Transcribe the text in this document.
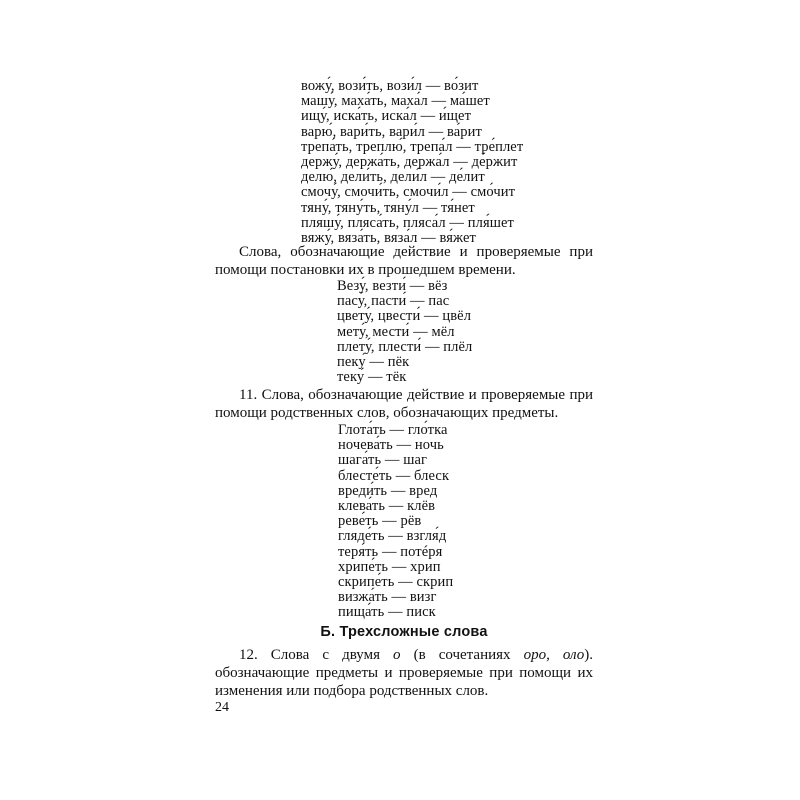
вожу́, вози́ть, вози́л — во́зит
машу́, маха́ть, маха́л — ма́шет
ищу́, иска́ть, иска́л — и́щет
варю́, вари́ть, вари́л — ва́рит
трепа́ть, треплю́, трепа́л — тре́плет
держу́, держа́ть, держа́л — де́ржит
делю́, дели́ть, дели́л — де́лит
смочу́, смочи́ть, смочи́л — смо́чит
тяну́, тяну́ть, тяну́л — тя́нет
пляшу́, пляса́ть, пляса́л — пля́шет
вяжу́, вяза́ть, вяза́л — вя́жет

Слова, обозначающие действие и проверяемые при помощи постановки их в прошедшем времени.

Везу́, везти́ — вёз
пасу́, пасти́ — пас
цвету́, цвести́ — цвёл
мету́, мести́ — мёл
плету́, плести́ — плёл
пеку́ — пёк
теку́ — тёк

11. Слова, обозначающие действие и проверяемые при помощи родственных слов, обозначающих предметы.

Глота́ть — гло́тка
ночева́ть — ночь
шага́ть — шаг
блесте́ть — блеск
вреди́ть — вред
клева́ть — клёв
реве́ть — рёв
гляде́ть — взгля́д
теря́ть — потéря
хрипе́ть — хрип
скрипе́ть — скрип
визжа́ть — визг
пища́ть — писк
Б. Трехсложные слова

12. Слова с двумя о (в сочетаниях оро, оло). обозначающие предметы и проверяемые при помощи их изменения или подбора родственных слов.

24
